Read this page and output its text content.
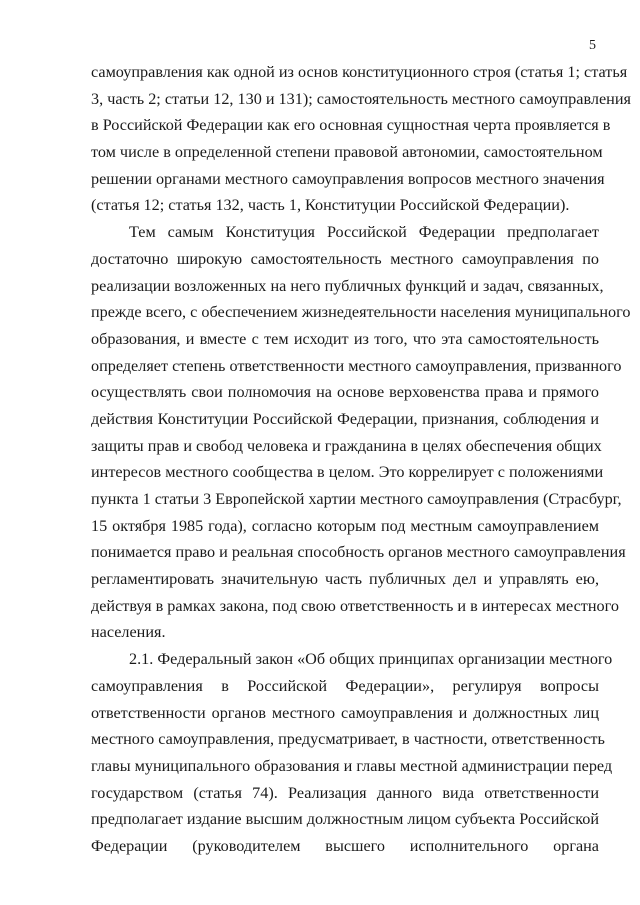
5
самоуправления как одной из основ конституционного строя (статья 1; статья
3, часть 2; статьи 12, 130 и 131); самостоятельность местного самоуправления
в Российской Федерации как его основная сущностная черта проявляется в
том числе в определенной степени правовой автономии, самостоятельном
решении органами местного самоуправления вопросов местного значения
(статья 12; статья 132, часть 1, Конституции Российской Федерации).
Тем самым Конституция Российской Федерации предполагает
достаточно широкую самостоятельность местного самоуправления по
реализации возложенных на него публичных функций и задач, связанных,
прежде всего, с обеспечением жизнедеятельности населения муниципального
образования, и вместе с тем исходит из того, что эта самостоятельность
определяет степень ответственности местного самоуправления, призванного
осуществлять свои полномочия на основе верховенства права и прямого
действия Конституции Российской Федерации, признания, соблюдения и
защиты прав и свобод человека и гражданина в целях обеспечения общих
интересов местного сообщества в целом. Это коррелирует с положениями
пункта 1 статьи 3 Европейской хартии местного самоуправления (Страсбург,
15 октября 1985 года), согласно которым под местным самоуправлением
понимается право и реальная способность органов местного самоуправления
регламентировать значительную часть публичных дел и управлять ею,
действуя в рамках закона, под свою ответственность и в интересах местного
населения.
2.1. Федеральный закон «Об общих принципах организации местного
самоуправления в Российской Федерации», регулируя вопросы
ответственности органов местного самоуправления и должностных лиц
местного самоуправления, предусматривает, в частности, ответственность
главы муниципального образования и главы местной администрации перед
государством (статья 74). Реализация данного вида ответственности
предполагает издание высшим должностным лицом субъекта Российской
Федерации (руководителем высшего исполнительного органа
